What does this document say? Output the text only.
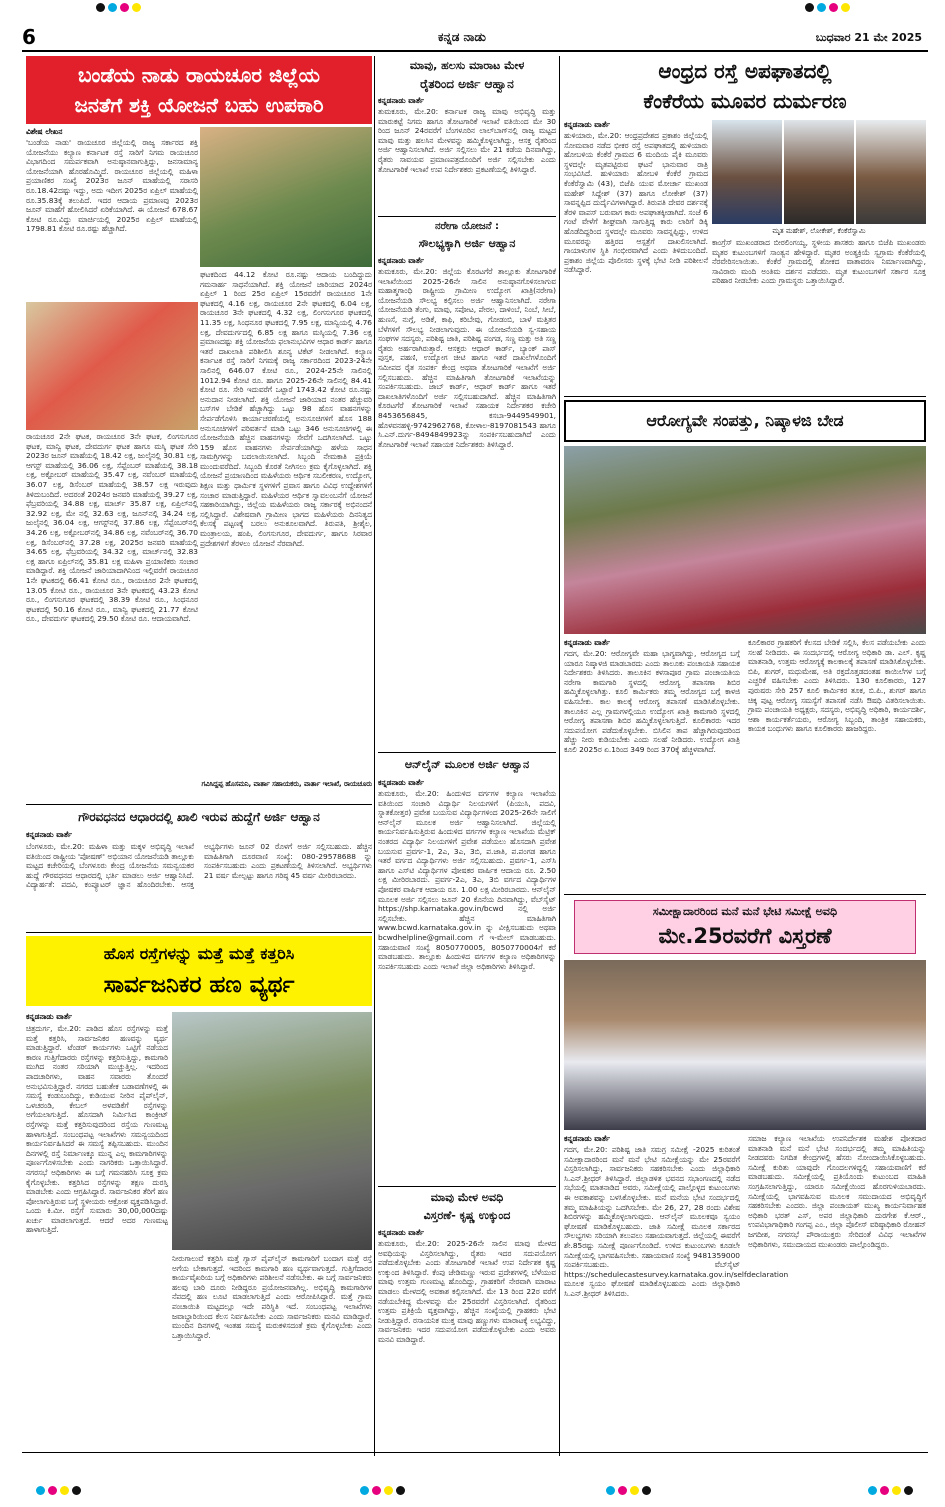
6	ಕನ್ನಡ ನಾಡು	ಬುಧವಾರ 21 ಮೇ 2025
ಬಂಡೆಯ ನಾಡು ರಾಯಚೂರ ಜಿಲ್ಲೆಯ
ಜನತೆಗೆ ಶಕ್ತಿ ಯೋಜನೆ ಬಹು ಉಪಕಾರಿ
ವಿಶೇಷ ಲೇಖನ
'ಬಂಡೆಯ ನಾಡು' ರಾಯಚೂರ ಜಿಲ್ಲೆಯಲ್ಲಿ ರಾಜ್ಯ ಸರ್ಕಾರದ ಶಕ್ತಿ ಯೋಜನೆಯು ಕಲ್ಯಾಣ ಕರ್ನಾಟಕ ರಸ್ತೆ ಸಾರಿಗೆ ನಿಗಮ ರಾಯಚೂರ ವಿಭಾಗದಿಂದ ಸಮರ್ಪಕವಾಗಿ ಅನುಷ್ಠಾನವಾಗುತ್ತಿದ್ದು, ಜನಸಾಮಾನ್ಯ ಯೋಜನೆಯಾಗಿ ಹೊರಹೊಮ್ಮಿದೆ. ರಾಯಚೂರ ಜಿಲ್ಲೆಯಲ್ಲಿ ಮಹಿಳಾ ಪ್ರಯಾಣಿಕರ ಸಂಖ್ಯೆ 2023ರ ಜೂನ್ ಮಾಹೆಯಲ್ಲಿ ಸರಾಸರಿ ರೂ.18.42ದಷ್ಟು ಇದ್ದು, ಅದು ಇದೀಗ 2025ರ ಏಪ್ರಿಲ್ ಮಾಹೆಯಲ್ಲಿ ರೂ.35.83ಕ್ಕೆ ತಲುಪಿದೆ. ಇದರ ಆದಾಯ ಪ್ರಮಾಣವು 2023ರ ಜೂನ್ ಮಾಹೆಗೆ ಹೋಲಿಸಿದರೆ ಏರಿಕೆಯಾಗಿದೆ. ಈ ಯೋಜನೆ 678.67 ಕೋಟಿ ರೂ.ವಿದ್ದು ಮಾರ್ಚಿಯಲ್ಲಿ 2025ರ ಏಪ್ರಿಲ್ ಮಾಹೆಯಲ್ಲಿ 1798.81 ಕೋಟಿ ರೂ.ರಷ್ಟು ಹೆಚ್ಚಾಗಿದೆ.
ಘಟಕದಿಂದ 44.12 ಕೋಟಿ ರೂ.ನಷ್ಟು ಆದಾಯ ಬಂದಿದ್ದುದು ಗಮನಾರ್ಹ ಸಾಧನೆಯಾಗಿದೆ. ಶಕ್ತಿ ಯೋಜನೆ ಜಾರಿಯಾದ 2024ರ ಏಪ್ರಿಲ್ 1 ರಿಂದ 25ರ ಏಪ್ರಿಲ್ 15ರವರೆಗೆ ರಾಯಚೂರ 1ನೇ ಘಟಕದಲ್ಲಿ 4.16 ಲಕ್ಷ, ರಾಯಚೂರ 2ನೇ ಘಟಕದಲ್ಲಿ 6.04 ಲಕ್ಷ, ರಾಯಚೂರ 3ನೇ ಘಟಕದಲ್ಲಿ 4.32 ಲಕ್ಷ, ಲಿಂಗಸುಗೂರ ಘಟಕದಲ್ಲಿ 11.35 ಲಕ್ಷ, ಸಿಂಧನೂರ ಘಟಕದಲ್ಲಿ 7.95 ಲಕ್ಷ, ಮಾನ್ವಿಯಲ್ಲಿ 4.76 ಲಕ್ಷ, ದೇವದುರ್ಗದಲ್ಲಿ 6.85 ಲಕ್ಷ ಹಾಗೂ ಮಸ್ಕಿಯಲ್ಲಿ 7.36 ಲಕ್ಷ ಪ್ರಮಾಣದಷ್ಟು ಶಕ್ತಿ ಯೋಜನೆಯ ಫಲಾನುಭವಿಗಳ ಆಧಾರ ಕಾರ್ಡ್ ಹಾಗೂ ಇತರೆ ದಾಖಲಾತಿ ಪರಿಶೀಲಿಸಿ ಶೂನ್ಯ ಟಿಕೆಟ್ ನೀಡಲಾಗಿದೆ. ಕಲ್ಯಾಣ ಕರ್ನಾಟಕ ರಸ್ತೆ ಸಾರಿಗೆ ನಿಗಮಕ್ಕೆ ರಾಜ್ಯ ಸರ್ಕಾರದಿಂದ 2023-24ನೇ ಸಾಲಿನಲ್ಲಿ 646.07 ಕೋಟಿ ರೂ., 2024-25ನೇ ಸಾಲಿನಲ್ಲಿ 1012.94 ಕೋಟಿ ರೂ. ಹಾಗೂ 2025-26ನೇ ಸಾಲಿನಲ್ಲಿ 84.41 ಕೋಟಿ ರೂ. ಸೇರಿ ಇದುವರೆಗೆ ಒಟ್ಟಾರೆ 1743.42 ಕೋಟಿ ರೂ.ನಷ್ಟು ಅನುದಾನ ನೀಡಲಾಗಿದೆ. ಶಕ್ತಿ ಯೋಜನೆ ಜಾರಿಯಾದ ನಂತರ ಹೆಚ್ಚುವರಿ ಬಸ್‌ಗಳ ಬೇಡಿಕೆ ಹೆಚ್ಚಾಗಿದ್ದು ಒಟ್ಟು 98 ಹೊಸ ವಾಹನಗಳನ್ನು ಸೇರ್ಪಡೆಗೊಳಿಸಿ ಕಾರ್ಯಾಚರಣೆಯಲ್ಲಿ ಅನುಸೂಚಿಗಳಿಗೆ ಹೊಸ 188 ಅನುಸೂಚಿಗಳಿಗೆ ಪರಿವರ್ತನೆ ಮಾಡಿ ಒಟ್ಟು 346 ಅನುಸೂಚಿಗಳಲ್ಲಿ ಈ ಯೋಜನೆಯಡಿ ಹೆಚ್ಚಿನ ವಾಹನಗಳನ್ನು ಸೇವೆಗೆ ಒದಗಿಸಲಾಗಿದೆ. ಒಟ್ಟು 159 ಹೊಸ ವಾಹನಗಳು ಸೇರ್ಪಡೆಯಾಗಿದ್ದು ಹಳೆಯ ಸಾಧನ ಸಾಮಗ್ರಿಗಳನ್ನು ಬದಲಾಯಿಸಲಾಗಿದೆ. ಸಿಬ್ಬಂದಿ ನೇಮಕಾತಿ ಪ್ರಕ್ರಿಯೆ ಮುಂದುವರೆದಿದೆ. ಸಿಬ್ಬಂದಿ ಕೊರತೆ ನೀಗಿಸಲು ಕ್ರಮ ಕೈಗೊಳ್ಳಲಾಗಿದೆ. ಶಕ್ತಿ ಯೋಜನೆ ಪ್ರಯಾಣದಿಂದ ಮಹಿಳೆಯರು ಆರ್ಥಿಕ ಸಬಲೀಕರಣ, ಉದ್ಯೋಗ, ಶಿಕ್ಷಣ ಮತ್ತು ಧಾರ್ಮಿಕ ಸ್ಥಳಗಳಿಗೆ ಪ್ರವಾಸ ಹಾಗೂ ವಿವಿಧ ಉದ್ದೇಶಗಳಿಗೆ ಸಂಚಾರ ಮಾಡುತ್ತಿದ್ದಾರೆ. ಮಹಿಳೆಯರ ಆರ್ಥಿಕ ಸ್ವಾವಲಂಬನೆಗೆ ಯೋಜನೆ ಸಹಕಾರಿಯಾಗಿದ್ದು, ಜಿಲ್ಲೆಯ ಮಹಿಳೆಯರು ರಾಜ್ಯ ಸರ್ಕಾರಕ್ಕೆ ಅಭಿನಂದನೆ ಸಲ್ಲಿಸಿದ್ದಾರೆ. ವಿಶೇಷವಾಗಿ ಗ್ರಾಮೀಣ ಭಾಗದ ಮಹಿಳೆಯರು ದಿನನಿತ್ಯದ ಕೆಲಸಕ್ಕೆ ಪಟ್ಟಣಕ್ಕೆ ಬರಲು ಅನುಕೂಲವಾಗಿದೆ. ತಿರುಪತಿ, ಶ್ರೀಶೈಲ, ಮಂತ್ರಾಲಯ, ಹಂಪಿ, ಲಿಂಗಸುಗೂರ, ದೇವದುರ್ಗ, ಹಾಗೂ ಸಿರವಾರ ಪ್ರದೇಶಗಳಿಗೆ ತೆರಳಲು ಯೋಜನೆ ನೆರವಾಗಿದೆ.
ರಾಯಚೂರ 2ನೇ ಘಟಕ, ರಾಯಚೂರ 3ನೇ ಘಟಕ, ಲಿಂಗಸುಗೂರ ಘಟಕ, ಮಾನ್ವಿ ಘಟಕ, ದೇವದುರ್ಗ ಘಟಕ ಹಾಗೂ ಮಸ್ಕಿ ಘಟಕ ಸೇರಿ 2023ರ ಜೂನ್ ಮಾಹೆಯಲ್ಲಿ 18.42 ಲಕ್ಷ, ಜುಲೈನಲ್ಲಿ 30.81 ಲಕ್ಷ, ಆಗಸ್ಟ್ ಮಾಹೆಯಲ್ಲಿ 36.06 ಲಕ್ಷ, ಸೆಪ್ಟೆಂಬರ್ ಮಾಹೆಯಲ್ಲಿ 38.18 ಲಕ್ಷ, ಅಕ್ಟೋಬರ್ ಮಾಹೆಯಲ್ಲಿ 35.47 ಲಕ್ಷ, ನವೆಂಬರ್ ಮಾಹೆಯಲ್ಲಿ 36.07 ಲಕ್ಷ, ಡಿಸೆಂಬರ್ ಮಾಹೆಯಲ್ಲಿ 38.57 ಲಕ್ಷ ಇರುವುದು ತಿಳಿದುಬಂದಿದೆ. ಅದರಂತೆ 2024ರ ಜನವರಿ ಮಾಹೆಯಲ್ಲಿ 39.27 ಲಕ್ಷ, ಫೆಬ್ರವರಿಯಲ್ಲಿ 34.88 ಲಕ್ಷ, ಮಾರ್ಚ್ 35.87 ಲಕ್ಷ, ಏಪ್ರಿಲ್‌ನಲ್ಲಿ 32.92 ಲಕ್ಷ, ಮೇ ನಲ್ಲಿ 32.63 ಲಕ್ಷ, ಜೂನ್‌ನಲ್ಲಿ 34.24 ಲಕ್ಷ, ಜುಲೈನಲ್ಲಿ 36.04 ಲಕ್ಷ, ಆಗಸ್ಟ್‌ನಲ್ಲಿ 37.86 ಲಕ್ಷ, ಸೆಪ್ಟೆಂಬರ್‌ನಲ್ಲಿ 34.26 ಲಕ್ಷ, ಅಕ್ಟೋಬರ್‌ನಲ್ಲಿ 34.86 ಲಕ್ಷ, ನವೆಂಬರ್‌ನಲ್ಲಿ 36.70 ಲಕ್ಷ, ಡಿಸೆಂಬರ್‌ನಲ್ಲಿ 37.28 ಲಕ್ಷ, 2025ರ ಜನವರಿ ಮಾಹೆಯಲ್ಲಿ 34.65 ಲಕ್ಷ, ಫೆಬ್ರವರಿಯಲ್ಲಿ 34.32 ಲಕ್ಷ, ಮಾರ್ಚ್‌ನಲ್ಲಿ 32.83 ಲಕ್ಷ ಹಾಗೂ ಏಪ್ರಿಲ್‌ನಲ್ಲಿ 35.81 ಲಕ್ಷ ಮಹಿಳಾ ಪ್ರಯಾಣಿಕರು ಸಂಚಾರ ಮಾಡಿದ್ದಾರೆ. ಶಕ್ತಿ ಯೋಜನೆ ಜಾರಿಯಾದಾಗಿನಿಂದ ಇಲ್ಲಿವರೆಗೆ ರಾಯಚೂರ 1ನೇ ಘಟಕದಲ್ಲಿ 66.41 ಕೋಟಿ ರೂ., ರಾಯಚೂರ 2ನೇ ಘಟಕದಲ್ಲಿ 13.05 ಕೋಟಿ ರೂ., ರಾಯಚೂರ 3ನೇ ಘಟಕದಲ್ಲಿ 43.23 ಕೋಟಿ ರೂ., ಲಿಂಗಸುಗೂರ ಘಟಕದಲ್ಲಿ 38.39 ಕೋಟಿ ರೂ., ಸಿಂಧನೂರ ಘಟಕದಲ್ಲಿ 50.16 ಕೋಟಿ ರೂ., ಮಾನ್ವಿ ಘಟಕದಲ್ಲಿ 21.77 ಕೋಟಿ ರೂ., ದೇವದುರ್ಗ ಘಟಕದಲ್ಲಿ 29.50 ಕೋಟಿ ರೂ. ಆದಾಯವಾಗಿದೆ.
ಗವಿಸಿದ್ದಪ್ಪ ಹೊಸಮನಿ, ವಾರ್ತಾ ಸಹಾಯಕರು, ವಾರ್ತಾ ಇಲಾಖೆ, ರಾಯಚೂರು
ಗೌರವಧನದ ಆಧಾರದಲ್ಲಿ ಖಾಲಿ ಇರುವ ಹುದ್ದೆಗೆ ಅರ್ಜಿ ಆಹ್ವಾನ
ಕನ್ನಡನಾಡು ವಾರ್ತೆ
ಬೆಂಗಳೂರು, ಮೇ.20: ಮಹಿಳಾ ಮತ್ತು ಮಕ್ಕಳ ಅಭಿವೃದ್ಧಿ ಇಲಾಖೆ ವತಿಯಿಂದ ರಾಷ್ಟ್ರೀಯ 'ಪೋಷಣ್' ಅಭಿಯಾನ ಯೋಜನೆಯಡಿ ತಾಲ್ಲೂಕು ಮಟ್ಟದ ಕಚೇರಿಯಲ್ಲಿ ಬೆಂಗಳೂರು ಕೇಂದ್ರ ಯೋಜನೆಯ ಸಮನ್ವಯಕರ ಹುದ್ದೆ ಗೌರವಧನದ ಆಧಾರದಲ್ಲಿ ಭರ್ತಿ ಮಾಡಲು ಅರ್ಜಿ ಆಹ್ವಾನಿಸಿದೆ. ವಿದ್ಯಾರ್ಹತೆ: ಪದವಿ, ಕಂಪ್ಯೂಟರ್ ಜ್ಞಾನ ಹೊಂದಿರಬೇಕು. ಆಸಕ್ತ ಅಭ್ಯರ್ಥಿಗಳು ಜೂನ್ 02 ರೊಳಗೆ ಅರ್ಜಿ ಸಲ್ಲಿಸಬಹುದು. ಹೆಚ್ಚಿನ ಮಾಹಿತಿಗಾಗಿ ದೂರವಾಣಿ ಸಂಖ್ಯೆ: 080-29578688 ನ್ನು ಸಂಪರ್ಕಿಸಬಹುದು ಎಂದು ಪ್ರಕಟಣೆಯಲ್ಲಿ ತಿಳಿಸಲಾಗಿದೆ. ಅಭ್ಯರ್ಥಿಗಳು 21 ವರ್ಷ ಮೇಲ್ಪಟ್ಟು ಹಾಗೂ ಗರಿಷ್ಠ 45 ವರ್ಷ ಮೀರಿರಬಾರದು.
ಹೊಸ ರಸ್ತೆಗಳನ್ನು ಮತ್ತೆ ಮತ್ತೆ ಕತ್ತರಿಸಿ
ಸಾರ್ವಜನಿಕರ ಹಣ ವ್ಯರ್ಥ
ಕನ್ನಡನಾಡು ವಾರ್ತೆ
ಚಿತ್ರದುರ್ಗ, ಮೇ.20: ಪಾಡಿದ ಹೊಸ ರಸ್ತೆಗಳನ್ನು ಮತ್ತೆ ಮತ್ತೆ ಕತ್ತರಿಸಿ, ಸಾರ್ವಜನಿಕರ ಹಣವನ್ನು ವ್ಯರ್ಥ ಮಾಡುತ್ತಿದ್ದಾರೆ. ಟೆಂಡರ್ ಕಾರ್ಯಗಳು ಒಟ್ಟಿಗೆ ನಡೆಯದ ಕಾರಣ ಗುತ್ತಿಗೆದಾರರು ರಸ್ತೆಗಳನ್ನು ಕತ್ತರಿಸುತ್ತಿದ್ದು, ಕಾಮಗಾರಿ ಮುಗಿದ ನಂತರ ಸರಿಯಾಗಿ ಮುಚ್ಚುತ್ತಿಲ್ಲ. ಇದರಿಂದ ಪಾದಚಾರಿಗಳು, ವಾಹನ ಸವಾರರು ತೊಂದರೆ ಅನುಭವಿಸುತ್ತಿದ್ದಾರೆ. ನಗರದ ಬಹುತೇಕ ಬಡಾವಣೆಗಳಲ್ಲಿ ಈ ಸಮಸ್ಯೆ ಕಂಡುಬಂದಿದ್ದು, ಕುಡಿಯುವ ನೀರಿನ ಪೈಪ್‌ಲೈನ್, ಒಳಚರಂಡಿ, ಕೇಬಲ್ ಅಳವಡಿಕೆಗೆ ರಸ್ತೆಗಳನ್ನು ಅಗೆಯಲಾಗುತ್ತಿದೆ. ಹೊಸದಾಗಿ ನಿರ್ಮಿಸಿದ ಕಾಂಕ್ರೀಟ್ ರಸ್ತೆಗಳನ್ನು ಮತ್ತೆ ಕತ್ತರಿಸುವುದರಿಂದ ರಸ್ತೆಯ ಗುಣಮಟ್ಟ ಹಾಳಾಗುತ್ತಿದೆ. ಸಂಬಂಧಪಟ್ಟ ಇಲಾಖೆಗಳು ಸಮನ್ವಯದಿಂದ ಕಾರ್ಯನಿರ್ವಹಿಸಿದರೆ ಈ ಸಮಸ್ಯೆ ತಪ್ಪಿಸಬಹುದು. ಮುಂದಿನ ದಿನಗಳಲ್ಲಿ ರಸ್ತೆ ನಿರ್ಮಾಣಕ್ಕೂ ಮುನ್ನ ಎಲ್ಲ ಕಾಮಗಾರಿಗಳನ್ನು ಪೂರ್ಣಗೊಳಿಸಬೇಕು ಎಂದು ನಾಗರಿಕರು ಒತ್ತಾಯಿಸಿದ್ದಾರೆ. ನಗರಸಭೆ ಅಧಿಕಾರಿಗಳು ಈ ಬಗ್ಗೆ ಗಮನಹರಿಸಿ ಸೂಕ್ತ ಕ್ರಮ ಕೈಗೊಳ್ಳಬೇಕು. ಕತ್ತರಿಸಿದ ರಸ್ತೆಗಳನ್ನು ತಕ್ಷಣ ದುರಸ್ತಿ ಮಾಡಬೇಕು ಎಂದು ಆಗ್ರಹಿಸಿದ್ದಾರೆ. ಸಾರ್ವಜನಿಕರ ತೆರಿಗೆ ಹಣ ಪೋಲಾಗುತ್ತಿರುವ ಬಗ್ಗೆ ಸ್ಥಳೀಯರು ಆಕ್ರೋಶ ವ್ಯಕ್ತಪಡಿಸಿದ್ದಾರೆ. ಒಂದು ಕಿ.ಮೀ. ರಸ್ತೆಗೆ ಸುಮಾರು 30,00,000ದಷ್ಟು ಖರ್ಚು ಮಾಡಲಾಗುತ್ತದೆ. ಆದರೆ ಅದರ ಗುಣಮಟ್ಟ ಹಾಳಾಗುತ್ತಿದೆ.
ನೀರುಗಾಲುವೆ ಕತ್ತರಿಸಿ ಮತ್ತೆ ಗ್ಯಾಸ್ ಪೈಪ್‌ಲೈನ್ ಕಾಮಗಾರಿಗೆ ಬಂದಾಗ ಮತ್ತೆ ರಸ್ತೆ ಅಗೆಯ ಬೇಕಾಗುತ್ತದೆ. ಇದರಿಂದ ಕಾಮಗಾರಿ ಹಣ ವ್ಯರ್ಥವಾಗುತ್ತದೆ. ಗುತ್ತಿಗೆದಾರರ ಕಾರ್ಯವೈಖರಿಯ ಬಗ್ಗೆ ಅಧಿಕಾರಿಗಳು ಪರಿಶೀಲನೆ ನಡೆಸಬೇಕು. ಈ ಬಗ್ಗೆ ಸಾರ್ವಜನಿಕರು ಹಲವು ಬಾರಿ ದೂರು ನೀಡಿದ್ದರೂ ಪ್ರಯೋಜನವಾಗಿಲ್ಲ. ಅಭಿವೃದ್ಧಿ ಕಾಮಗಾರಿಗಳ ನೆಪದಲ್ಲಿ ಹಣ ಲೂಟಿ ಮಾಡಲಾಗುತ್ತಿದೆ ಎಂದು ಆರೋಪಿಸಿದ್ದಾರೆ. ಮತ್ತೆ ಗ್ರಾಮ ಪಂಚಾಯಿತಿ ಮಟ್ಟದಲ್ಲೂ ಇದೇ ಪರಿಸ್ಥಿತಿ ಇದೆ. ಸಂಬಂಧಪಟ್ಟ ಇಲಾಖೆಗಳು ಜವಾಬ್ದಾರಿಯಿಂದ ಕೆಲಸ ನಿರ್ವಹಿಸಬೇಕು ಎಂದು ಸಾರ್ವಜನಿಕರು ಮನವಿ ಮಾಡಿದ್ದಾರೆ. ಮುಂದಿನ ದಿನಗಳಲ್ಲಿ ಇಂತಹ ಸಮಸ್ಯೆ ಮರುಕಳಿಸದಂತೆ ಕ್ರಮ ಕೈಗೊಳ್ಳಬೇಕು ಎಂದು ಒತ್ತಾಯಿಸಿದ್ದಾರೆ.
ಮಾವು, ಹಲಸು ಮಾರಾಟ ಮೇಳ
ರೈತರಿಂದ ಅರ್ಜಿ ಆಹ್ವಾನ
ಕನ್ನಡನಾಡು ವಾರ್ತೆ
ತುಮಕೂರು, ಮೇ.20: ಕರ್ನಾಟಕ ರಾಜ್ಯ ಮಾವು ಅಭಿವೃದ್ಧಿ ಮತ್ತು ಮಾರುಕಟ್ಟೆ ನಿಗಮ ಹಾಗೂ ತೋಟಗಾರಿಕೆ ಇಲಾಖೆ ವತಿಯಿಂದ ಮೇ 30 ರಿಂದ ಜೂನ್ 24ರವರೆಗೆ ಬೆಂಗಳೂರಿನ ಲಾಲ್‌ಬಾಗ್‌ನಲ್ಲಿ ರಾಜ್ಯ ಮಟ್ಟದ ಮಾವು ಮತ್ತು ಹಲಸಿನ ಮೇಳವನ್ನು ಹಮ್ಮಿಕೊಳ್ಳಲಾಗಿದ್ದು, ಆಸಕ್ತ ರೈತರಿಂದ ಅರ್ಜಿ ಆಹ್ವಾನಿಸಲಾಗಿದೆ. ಅರ್ಜಿ ಸಲ್ಲಿಸಲು ಮೇ 21 ಕಡೆಯ ದಿನವಾಗಿದ್ದು, ರೈತರು ಸಾವಯವ ಪ್ರಮಾಣಪತ್ರದೊಂದಿಗೆ ಅರ್ಜಿ ಸಲ್ಲಿಸಬೇಕು ಎಂದು ತೋಟಗಾರಿಕೆ ಇಲಾಖೆ ಉಪ ನಿರ್ದೇಶಕರು ಪ್ರಕಟಣೆಯಲ್ಲಿ ತಿಳಿಸಿದ್ದಾರೆ.
ನರೇಗಾ ಯೋಜನೆ :
ಸೌಲಭ್ಯಕ್ಕಾಗಿ ಅರ್ಜಿ ಆಹ್ವಾನ
ಕನ್ನಡನಾಡು ವಾರ್ತೆ
ತುಮಕೂರು, ಮೇ.20: ಜಿಲ್ಲೆಯ ಕೊರಟಗೆರೆ ತಾಲ್ಲೂಕು ತೋಟಗಾರಿಕೆ ಇಲಾಖೆಯಿಂದ 2025-26ನೇ ಸಾಲಿನ ಅನುಷ್ಠಾನಗೊಳಿಸಲಾಗುವ ಮಹಾತ್ಮಗಾಂಧಿ ರಾಷ್ಟ್ರೀಯ ಗ್ರಾಮೀಣ ಉದ್ಯೋಗ ಖಾತ್ರಿ(ನರೇಗಾ) ಯೋಜನೆಯಡಿ ಸೌಲಭ್ಯ ಕಲ್ಪಿಸಲು ಅರ್ಜಿ ಆಹ್ವಾನಿಸಲಾಗಿದೆ. ನರೇಗಾ ಯೋಜನೆಯಡಿ ತೆಂಗು, ಮಾವು, ಸಪೋಟ, ಪೇರಲ, ದಾಳಿಂಬೆ, ನಿಂಬೆ, ಸೀಬೆ, ಹುಣಸೆ, ನುಗ್ಗೆ, ಅಡಿಕೆ, ಕಾಫಿ, ಕರಿಬೇವು, ಗೋಡಂಬಿ, ಬಾಳೆ ಮತ್ತಿತರ ಬೆಳೆಗಳಿಗೆ ಸೌಲಭ್ಯ ನೀಡಲಾಗುವುದು. ಈ ಯೋಜನೆಯಡಿ ಸ್ವ-ಸಹಾಯ ಸಂಘಗಳ ಸದಸ್ಯರು, ಪರಿಶಿಷ್ಟ ಜಾತಿ, ಪರಿಶಿಷ್ಟ ಪಂಗಡ, ಸಣ್ಣ ಮತ್ತು ಅತಿ ಸಣ್ಣ ರೈತರು ಅರ್ಹರಾಗಿರುತ್ತಾರೆ. ಆಸಕ್ತರು ಆಧಾರ್ ಕಾರ್ಡ್, ಬ್ಯಾಂಕ್ ಪಾಸ್ ಪುಸ್ತಕ, ಪಹಣಿ, ಉದ್ಯೋಗ ಚೀಟಿ ಹಾಗೂ ಇತರೆ ದಾಖಲೆಗಳೊಂದಿಗೆ ಸಮೀಪದ ರೈತ ಸಂಪರ್ಕ ಕೇಂದ್ರ ಅಥವಾ ತೋಟಗಾರಿಕೆ ಇಲಾಖೆಗೆ ಅರ್ಜಿ ಸಲ್ಲಿಸಬಹುದು. ಹೆಚ್ಚಿನ ಮಾಹಿತಿಗಾಗಿ ತೋಟಗಾರಿಕೆ ಇಲಾಖೆಯನ್ನು ಸಂಪರ್ಕಿಸಬಹುದು. ಜಾಬ್ ಕಾರ್ಡ್, ಆಧಾರ್ ಕಾರ್ಡ್ ಹಾಗೂ ಇತರೆ ದಾಖಲಾತಿಗಳೊಂದಿಗೆ ಅರ್ಜಿ ಸಲ್ಲಿಸಬಹುದಾಗಿದೆ. ಹೆಚ್ಚಿನ ಮಾಹಿತಿಗಾಗಿ ಕೊರಟಗೆರೆ ತೋಟಗಾರಿಕೆ ಇಲಾಖೆ ಸಹಾಯಕ ನಿರ್ದೇಶಕರ ಕಚೇರಿ 8453656845, ಕಸಬಾ-9449549901, ಹೊಳವನಹಳ್ಳಿ-9742962768, ಕೋಳಾಲ-8197081543 ಹಾಗೂ ಸಿ.ಎನ್.ದುರ್ಗ-8494849923ನ್ನು ಸಂಪರ್ಕಿಸಬಹುದಾಗಿದೆ ಎಂದು ತೋಟಗಾರಿಕೆ ಇಲಾಖೆ ಸಹಾಯಕ ನಿರ್ದೇಶಕರು ತಿಳಿಸಿದ್ದಾರೆ.
ಆನ್‌ಲೈನ್ ಮೂಲಕ ಅರ್ಜಿ ಆಹ್ವಾನ
ಕನ್ನಡನಾಡು ವಾರ್ತೆ
ತುಮಕೂರು, ಮೇ.20: ಹಿಂದುಳಿದ ವರ್ಗಗಳ ಕಲ್ಯಾಣ ಇಲಾಖೆಯ ವತಿಯಿಂದ ಸಂಚಾರಿ ವಿದ್ಯಾರ್ಥಿ ನಿಲಯಗಳಿಗೆ (ಪಿಯುಸಿ, ಪದವಿ, ಸ್ನಾತಕೋತ್ತರ) ಪ್ರವೇಶ ಬಯಸುವ ವಿದ್ಯಾರ್ಥಿಗಳಿಂದ 2025-26ನೇ ಸಾಲಿಗೆ ಆನ್‌ಲೈನ್ ಮೂಲಕ ಅರ್ಜಿ ಆಹ್ವಾನಿಸಲಾಗಿದೆ. ಜಿಲ್ಲೆಯಲ್ಲಿ ಕಾರ್ಯನಿರ್ವಹಿಸುತ್ತಿರುವ ಹಿಂದುಳಿದ ವರ್ಗಗಳ ಕಲ್ಯಾಣ ಇಲಾಖೆಯ ಮೆಟ್ರಿಕ್ ನಂತರದ ವಿದ್ಯಾರ್ಥಿ ನಿಲಯಗಳಿಗೆ ಪ್ರವೇಶ ಪಡೆಯಲು ಹೊಸದಾಗಿ ಪ್ರವೇಶ ಬಯಸುವ ಪ್ರವರ್ಗ-1, 2ಎ, 3ಎ, 3ಬಿ, ಪ.ಜಾತಿ, ಪ.ಪಂಗಡ ಹಾಗೂ ಇತರೆ ವರ್ಗದ ವಿದ್ಯಾರ್ಥಿಗಳು ಅರ್ಜಿ ಸಲ್ಲಿಸಬಹುದು. ಪ್ರವರ್ಗ-1, ಎಸ್‌ಸಿ ಹಾಗೂ ಎಸ್‌ಟಿ ವಿದ್ಯಾರ್ಥಿಗಳ ಪೋಷಕರ ವಾರ್ಷಿಕ ಆದಾಯ ರೂ. 2.50 ಲಕ್ಷ ಮೀರಿರಬಾರದು. ಪ್ರವರ್ಗ-2ಎ, 3ಎ, 3ಬಿ ವರ್ಗದ ವಿದ್ಯಾರ್ಥಿಗಳ ಪೋಷಕರ ವಾರ್ಷಿಕ ಆದಾಯ ರೂ. 1.00 ಲಕ್ಷ ಮೀರಿರಬಾರದು. ಆನ್‌ಲೈನ್ ಮೂಲಕ ಅರ್ಜಿ ಸಲ್ಲಿಸಲು ಜೂನ್ 20 ಕೊನೆಯ ದಿನವಾಗಿದ್ದು, ವೆಬ್‌ಸೈಟ್ https://shp.karnataka.gov.in/bcwd ನಲ್ಲಿ ಅರ್ಜಿ ಸಲ್ಲಿಸಬೇಕು. ಹೆಚ್ಚಿನ ಮಾಹಿತಿಗಾಗಿ www.bcwd.karnataka.gov.in ನ್ನು ವೀಕ್ಷಿಸಬಹುದು ಅಥವಾ bcwdhelpline@gmail.com ಗೆ ಇ-ಮೇಲ್ ಮಾಡಬಹುದು. ಸಹಾಯವಾಣಿ ಸಂಖ್ಯೆ 8050770005, 8050770004ಗೆ ಕರೆ ಮಾಡಬಹುದು. ತಾಲ್ಲೂಕು ಹಿಂದುಳಿದ ವರ್ಗಗಳ ಕಲ್ಯಾಣ ಅಧಿಕಾರಿಗಳನ್ನು ಸಂಪರ್ಕಿಸಬಹುದು ಎಂದು ಇಲಾಖೆ ಜಿಲ್ಲಾ ಅಧಿಕಾರಿಗಳು ತಿಳಿಸಿದ್ದಾರೆ.
ಮಾವು ಮೇಳ ಅವಧಿ
ವಿಸ್ತರಣೆ- ಕೃಷ್ಣ ಉಕ್ಕುಂದ
ಕನ್ನಡನಾಡು ವಾರ್ತೆ
ತುಮಕೂರು, ಮೇ.20: 2025-26ನೇ ಸಾಲಿನ ಮಾವು ಮೇಳದ ಅವಧಿಯನ್ನು ವಿಸ್ತರಿಸಲಾಗಿದ್ದು, ರೈತರು ಇದರ ಸದುಪಯೋಗ ಪಡೆದುಕೊಳ್ಳಬೇಕು ಎಂದು ತೋಟಗಾರಿಕೆ ಇಲಾಖೆ ಉಪ ನಿರ್ದೇಶಕ ಕೃಷ್ಣ ಉಕ್ಕುಂದ ತಿಳಿಸಿದ್ದಾರೆ. ಕೆಂಪು ಜೇಡಿಮಣ್ಣು ಇರುವ ಪ್ರದೇಶಗಳಲ್ಲಿ ಬೆಳೆಯುವ ಮಾವು ಉತ್ತಮ ಗುಣಮಟ್ಟ ಹೊಂದಿದ್ದು, ಗ್ರಾಹಕರಿಗೆ ನೇರವಾಗಿ ಮಾರಾಟ ಮಾಡಲು ಮೇಳದಲ್ಲಿ ಅವಕಾಶ ಕಲ್ಪಿಸಲಾಗಿದೆ. ಮೇ 13 ರಿಂದ 22ರ ವರೆಗೆ ನಡೆಯಬೇಕಿದ್ದ ಮೇಳವನ್ನು ಮೇ 25ರವರೆಗೆ ವಿಸ್ತರಿಸಲಾಗಿದೆ. ರೈತರಿಂದ ಉತ್ತಮ ಪ್ರತಿಕ್ರಿಯೆ ವ್ಯಕ್ತವಾಗಿದ್ದು, ಹೆಚ್ಚಿನ ಸಂಖ್ಯೆಯಲ್ಲಿ ಗ್ರಾಹಕರು ಭೇಟಿ ನೀಡುತ್ತಿದ್ದಾರೆ. ರಸಾಯನಿಕ ಮುಕ್ತ ಮಾವು ಹಣ್ಣುಗಳು ಮಾರಾಟಕ್ಕೆ ಲಭ್ಯವಿದ್ದು, ಸಾರ್ವಜನಿಕರು ಇದರ ಸದುಪಯೋಗ ಪಡೆದುಕೊಳ್ಳಬೇಕು ಎಂದು ಅವರು ಮನವಿ ಮಾಡಿದ್ದಾರೆ.
ಆಂಧ್ರದ ರಸ್ತೆ ಅಪಘಾತದಲ್ಲಿ
ಕೆಂಕೆರೆಯ ಮೂವರ ದುರ್ಮರಣ
ಕನ್ನಡನಾಡು ವಾರ್ತೆ
ಹುಳಿಯಾರು, ಮೇ.20: ಆಂಧ್ರಪ್ರದೇಶದ ಪ್ರಕಾಶಂ ಜಿಲ್ಲೆಯಲ್ಲಿ ಸೋಮವಾರ ನಡೆದ ಭೀಕರ ರಸ್ತೆ ಅಪಘಾತದಲ್ಲಿ ಹುಳಿಯಾರು ಹೋಬಳಿಯ ಕೆಂಕೆರೆ ಗ್ರಾಮದ 6 ಮಂದಿಯ ಪೈಕಿ ಮೂವರು ಸ್ಥಳದಲ್ಲೇ ಮೃತಪಟ್ಟಿರುವ ಘಟನೆ ಭಾನುವಾರ ರಾತ್ರಿ ಸಂಭವಿಸಿದೆ. ಹುಳಿಯಾರು ಹೋಬಳಿ ಕೆಂಕೆರೆ ಗ್ರಾಮದ ಕೆಂಕೆರೆಸ್ವಾಮಿ (43), ಬಿಜೆಪಿ ಯುವ ಮೋರ್ಚಾ ಮುಖಂಡ ಮಹೇಶ್ ಸಿದ್ದೇಶ್ (37) ಹಾಗೂ ಲೋಕೇಶ್ (37) ಸಾವನ್ನಪ್ಪಿದ ದುರ್ದೈವಿಗಳಾಗಿದ್ದಾರೆ. ತಿರುಪತಿ ದೇವರ ದರ್ಶನಕ್ಕೆ ತೆರಳಿ ವಾಪಸ್ ಬರುವಾಗ ಕಾರು ಅಪಘಾತಕ್ಕೀಡಾಗಿದೆ. ಸಂಜೆ 6 ಗಂಟೆ ವೇಳೆಗೆ ಶೀಘ್ರವಾಗಿ ಸಾಗುತ್ತಿದ್ದ ಕಾರು ಲಾರಿಗೆ ಡಿಕ್ಕಿ ಹೊಡೆದಿದ್ದರಿಂದ ಸ್ಥಳದಲ್ಲೇ ಮೂವರು ಸಾವನ್ನಪ್ಪಿದ್ದು, ಉಳಿದ ಮೂವರನ್ನು ಹತ್ತಿರದ ಆಸ್ಪತ್ರೆಗೆ ದಾಖಲಿಸಲಾಗಿದೆ. ಗಾಯಾಳುಗಳ ಸ್ಥಿತಿ ಗಂಭೀರವಾಗಿದೆ ಎಂದು ತಿಳಿದುಬಂದಿದೆ. ಪ್ರಕಾಶಂ ಜಿಲ್ಲೆಯ ಪೊಲೀಸರು ಸ್ಥಳಕ್ಕೆ ಭೇಟಿ ನೀಡಿ ಪರಿಶೀಲನೆ ನಡೆಸಿದ್ದಾರೆ.
ಮೃತ ಮಹೇಶ್, ಲೋಕೇಶ್, ಕೆಂಕೆರೆಸ್ವಾಮಿ
ಕಾಂಗ್ರೆಸ್ ಮುಖಂಡರಾದ ಬೀರಲಿಂಗಯ್ಯ, ಸ್ಥಳೀಯ ಶಾಸಕರು ಹಾಗೂ ಬಿಜೆಪಿ ಮುಖಂಡರು ಮೃತರ ಕುಟುಂಬಗಳಿಗೆ ಸಾಂತ್ವನ ಹೇಳಿದ್ದಾರೆ. ಮೃತರ ಅಂತ್ಯಕ್ರಿಯೆ ಸ್ವಗ್ರಾಮ ಕೆಂಕೆರೆಯಲ್ಲಿ ನೆರವೇರಿಸಲಾಯಿತು. ಕೆಂಕೆರೆ ಗ್ರಾಮದಲ್ಲಿ ಶೋಕದ ವಾತಾವರಣ ನಿರ್ಮಾಣವಾಗಿದ್ದು, ಸಾವಿರಾರು ಮಂದಿ ಅಂತಿಮ ದರ್ಶನ ಪಡೆದರು. ಮೃತ ಕುಟುಂಬಗಳಿಗೆ ಸರ್ಕಾರ ಸೂಕ್ತ ಪರಿಹಾರ ನೀಡಬೇಕು ಎಂದು ಗ್ರಾಮಸ್ಥರು ಒತ್ತಾಯಿಸಿದ್ದಾರೆ.
ಆರೋಗ್ಯವೇ ಸಂಪತ್ತು, ನಿಷ್ಕಾಳಜಿ ಬೇಡ
ಕನ್ನಡನಾಡು ವಾರ್ತೆ
ಗದಗ, ಮೇ.20: ಆರೋಗ್ಯವೇ ಮಹಾ ಭಾಗ್ಯವಾಗಿದ್ದು, ಆರೋಗ್ಯದ ಬಗ್ಗೆ ಯಾರೂ ನಿಷ್ಕಾಳಜಿ ಮಾಡಬಾರದು ಎಂದು ತಾಲೂಕು ಪಂಚಾಯತಿ ಸಹಾಯಕ ನಿರ್ದೇಶಕರು ತಿಳಿಸಿದರು. ತಾಲೂಕಿನ ಕಳಸಾಪೂರ ಗ್ರಾಮ ಪಂಚಾಯತಿಯ ನರೇಗಾ ಕಾಮಗಾರಿ ಸ್ಥಳದಲ್ಲಿ ಆರೋಗ್ಯ ತಪಾಸಣಾ ಶಿಬಿರ ಹಮ್ಮಿಕೊಳ್ಳಲಾಗಿತ್ತು. ಕೂಲಿ ಕಾರ್ಮಿಕರು ತಮ್ಮ ಆರೋಗ್ಯದ ಬಗ್ಗೆ ಕಾಳಜಿ ವಹಿಸಬೇಕು. ಕಾಲ ಕಾಲಕ್ಕೆ ಆರೋಗ್ಯ ತಪಾಸಣೆ ಮಾಡಿಸಿಕೊಳ್ಳಬೇಕು. ತಾಲೂಕಿನ ಎಲ್ಲ ಗ್ರಾಮಗಳಲ್ಲಿಯೂ ಉದ್ಯೋಗ ಖಾತ್ರಿ ಕಾಮಗಾರಿ ಸ್ಥಳದಲ್ಲಿ ಆರೋಗ್ಯ ತಪಾಸಣಾ ಶಿಬಿರ ಹಮ್ಮಿಕೊಳ್ಳಲಾಗುತ್ತಿದೆ. ಕೂಲಿಕಾರರು ಇದರ ಸದುಪಯೋಗ ಪಡೆದುಕೊಳ್ಳಬೇಕು. ಬಿಸಿಲಿನ ತಾಪ ಹೆಚ್ಚಾಗಿರುವುದರಿಂದ ಹೆಚ್ಚು ನೀರು ಕುಡಿಯಬೇಕು ಎಂದು ಸಲಹೆ ನೀಡಿದರು. ಉದ್ಯೋಗ ಖಾತ್ರಿ ಕೂಲಿ 2025ರ ಏ.1ರಿಂದ 349 ರಿಂದ 370ಕ್ಕೆ ಹೆಚ್ಚಳವಾಗಿದೆ.
ಕೂಲಿಕಾರರ ಗ್ರಾಹಕರಿಗೆ ಕೆಲಸದ ಬೇಡಿಕೆ ಸಲ್ಲಿಸಿ, ಕೆಲಸ ಪಡೆಯಬೇಕು ಎಂದು ಸಲಹೆ ನೀಡಿದರು. ಈ ಸಂದರ್ಭದಲ್ಲಿ ಆರೋಗ್ಯ ಅಧಿಕಾರಿ ಡಾ. ಎಲ್. ಕೃಷ್ಣ ಮಾತನಾಡಿ, ಉತ್ತಮ ಆರೋಗ್ಯಕ್ಕೆ ಕಾಲಕಾಲಕ್ಕೆ ತಪಾಸಣೆ ಮಾಡಿಸಿಕೊಳ್ಳಬೇಕು. ಬಿಪಿ, ಶುಗರ್, ಮಧುಮೇಹ, ಅತಿ ರಕ್ತದೊತ್ತಡದಂತಹ ಕಾಯಿಲೆಗಳ ಬಗ್ಗೆ ಎಚ್ಚರಿಕೆ ವಹಿಸಬೇಕು ಎಂದು ತಿಳಿಸಿದರು. 130 ಕೂಲಿಕಾರರು, 127 ಪುರುಷರು ಸೇರಿ 257 ಕೂಲಿ ಕಾರ್ಮಿಕರ ತೂಕ, ಬಿ.ಪಿ., ಶುಗರ್ ಹಾಗೂ ಚಿಕ್ಕ ಪುಟ್ಟ ಆರೋಗ್ಯ ಸಮಸ್ಯೆಗೆ ತಪಾಸಣೆ ನಡೆಸಿ ಔಷಧಿ ವಿತರಿಸಲಾಯಿತು. ಗ್ರಾಮ ಪಂಚಾಯತಿ ಅಧ್ಯಕ್ಷರು, ಸದಸ್ಯರು, ಅಭಿವೃದ್ಧಿ ಅಧಿಕಾರಿ, ಕಾರ್ಯದರ್ಶಿ, ಆಶಾ ಕಾರ್ಯಕರ್ತೆಯರು, ಆರೋಗ್ಯ ಸಿಬ್ಬಂದಿ, ತಾಂತ್ರಿಕ ಸಹಾಯಕರು, ಕಾಯಕ ಬಂಧುಗಳು ಹಾಗೂ ಕೂಲಿಕಾರರು ಹಾಜರಿದ್ದರು.
ಸಮೀಕ್ಷಾದಾರರಿಂದ ಮನೆ ಮನೆ ಭೇಟಿ ಸಮೀಕ್ಷೆ ಅವಧಿ
ಮೇ.25ರವರೆಗೆ ವಿಸ್ತರಣೆ
ಕನ್ನಡನಾಡು ವಾರ್ತೆ
ಗದಗ, ಮೇ.20: ಪರಿಶಿಷ್ಟ ಜಾತಿ ಸಮಗ್ರ ಸಮೀಕ್ಷೆ -2025 ಕುರಿತಂತೆ ಸಮೀಕ್ಷಾದಾರರಿಂದ ಮನೆ ಮನೆ ಭೇಟಿ ಸಮೀಕ್ಷೆಯನ್ನು ಮೇ 25ರವರೆಗೆ ವಿಸ್ತರಿಸಲಾಗಿದ್ದು, ಸಾರ್ವಜನಿಕರು ಸಹಕರಿಸಬೇಕು ಎಂದು ಜಿಲ್ಲಾಧಿಕಾರಿ ಸಿ.ಎನ್.ಶ್ರೀಧರ್ ತಿಳಿಸಿದ್ದಾರೆ. ಜಿಲ್ಲಾಡಳಿತ ಭವನದ ಸಭಾಂಗಣದಲ್ಲಿ ನಡೆದ ಸಭೆಯಲ್ಲಿ ಮಾತನಾಡಿದ ಅವರು, ಸಮೀಕ್ಷೆಯಲ್ಲಿ ಪಾಲ್ಗೊಳ್ಳದ ಕುಟುಂಬಗಳು ಈ ಅವಕಾಶವನ್ನು ಬಳಸಿಕೊಳ್ಳಬೇಕು. ಮನೆ ಮನೆಯ ಭೇಟಿ ಸಂದರ್ಭದಲ್ಲಿ ತಮ್ಮ ಮಾಹಿತಿಯನ್ನು ಒದಗಿಸಬೇಕು. ಮೇ 26, 27, 28 ರಂದು ವಿಶೇಷ ಶಿಬಿರಗಳನ್ನು ಹಮ್ಮಿಕೊಳ್ಳಲಾಗುವುದು. ಆನ್‌ಲೈನ್ ಮೂಲಕವೂ ಸ್ವಯಂ ಘೋಷಣೆ ಮಾಡಿಕೊಳ್ಳಬಹುದು. ಜಾತಿ ಸಮೀಕ್ಷೆ ಮೂಲಕ ಸರ್ಕಾರದ ಸೌಲಭ್ಯಗಳು ಸರಿಯಾಗಿ ತಲುಪಲು ಸಹಾಯವಾಗುತ್ತದೆ. ಜಿಲ್ಲೆಯಲ್ಲಿ ಈವರೆಗೆ ಶೇ.85ರಷ್ಟು ಸಮೀಕ್ಷೆ ಪೂರ್ಣಗೊಂಡಿದೆ. ಉಳಿದ ಕುಟುಂಬಗಳು ಕೂಡಲೇ ಸಮೀಕ್ಷೆಯಲ್ಲಿ ಭಾಗವಹಿಸಬೇಕು. ಸಹಾಯವಾಣಿ ಸಂಖ್ಯೆ 9481359000 ಸಂಪರ್ಕಿಸಬಹುದು. ವೆಬ್‌ಸೈಟ್ https://schedulecastesurvey.karnataka.gov.in/selfdeclaration ಮೂಲಕ ಸ್ವಯಂ ಘೋಷಣೆ ಮಾಡಿಕೊಳ್ಳಬಹುದು ಎಂದು ಜಿಲ್ಲಾಧಿಕಾರಿ ಸಿ.ಎನ್.ಶ್ರೀಧರ್ ತಿಳಿಸಿದರು.
ಸಮಾಜ ಕಲ್ಯಾಣ ಇಲಾಖೆಯ ಉಪನಿರ್ದೇಶಕ ಮಹೇಶ ಪೋತದಾರ ಮಾತನಾಡಿ ಮನೆ ಮನೆ ಭೇಟಿ ಸಂದರ್ಭದಲ್ಲಿ ತಮ್ಮ ಮಾಹಿತಿಯನ್ನು ನೀಡದವರು ನಿಗದಿತ ಕೇಂದ್ರಗಳಲ್ಲಿ ಹೆಸರು ನೋಂದಾಯಿಸಿಕೊಳ್ಳಬಹುದು. ಸಮೀಕ್ಷೆ ಕುರಿತು ಯಾವುದೇ ಗೊಂದಲಗಳಿದ್ದಲ್ಲಿ ಸಹಾಯವಾಣಿಗೆ ಕರೆ ಮಾಡಬಹುದು. ಸಮೀಕ್ಷೆಯಲ್ಲಿ ಪ್ರತಿಯೊಂದು ಕುಟುಂಬದ ಮಾಹಿತಿ ಸಂಗ್ರಹಿಸಲಾಗುತ್ತಿದ್ದು, ಯಾರೂ ಸಮೀಕ್ಷೆಯಿಂದ ಹೊರಗುಳಿಯಬಾರದು. ಸಮೀಕ್ಷೆಯಲ್ಲಿ ಭಾಗವಹಿಸುವ ಮೂಲಕ ಸಮುದಾಯದ ಅಭಿವೃದ್ಧಿಗೆ ಸಹಕರಿಸಬೇಕು ಎಂದರು. ಜಿಲ್ಲಾ ಪಂಚಾಯತ್ ಮುಖ್ಯ ಕಾರ್ಯನಿರ್ವಾಹಕ ಅಧಿಕಾರಿ ಭರತ್ ಎಸ್, ಅಪರ ಜಿಲ್ಲಾಧಿಕಾರಿ ದುರಗೇಶ ಕೆ.ಆರ್., ಉಪವಿಭಾಗಾಧಿಕಾರಿ ಗಂಗಪ್ಪ ಎಂ., ಜಿಲ್ಲಾ ಪೊಲೀಸ್ ವರಿಷ್ಠಾಧಿಕಾರಿ ರೋಹನ್ ಜಗದೀಶ, ನಗರಸಭೆ ಪೌರಾಯುಕ್ತರು ಸೇರಿದಂತೆ ವಿವಿಧ ಇಲಾಖೆಗಳ ಅಧಿಕಾರಿಗಳು, ಸಮುದಾಯದ ಮುಖಂಡರು ಪಾಲ್ಗೊಂಡಿದ್ದರು.
